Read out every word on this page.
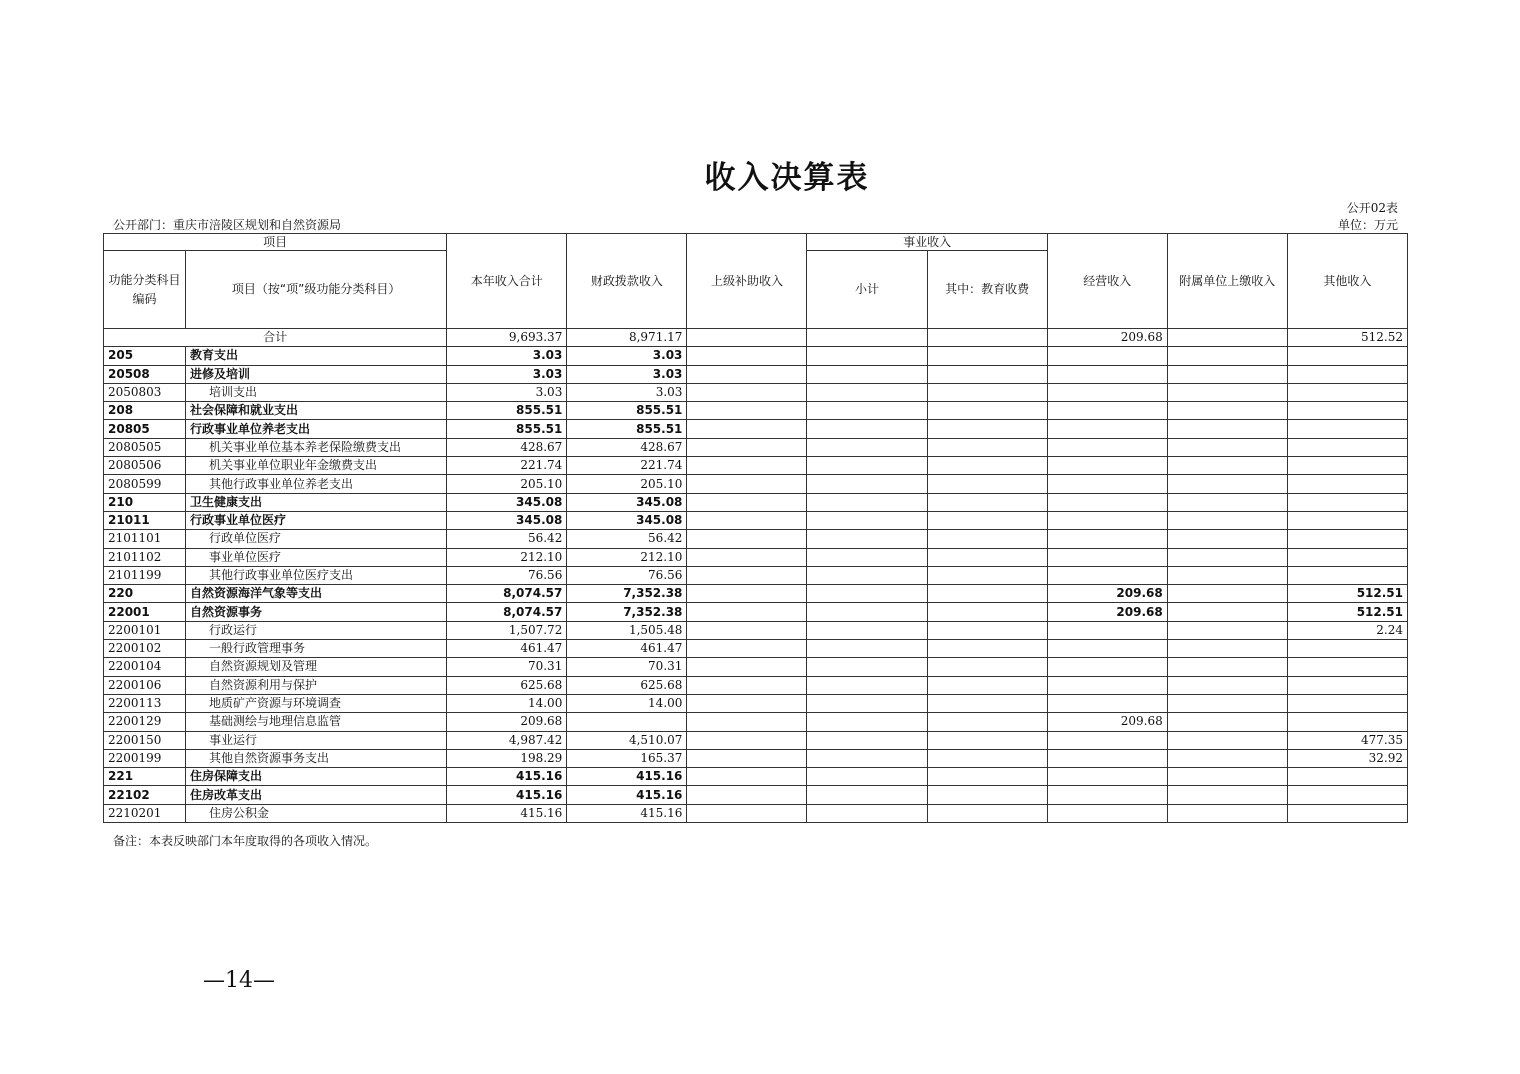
收入决算表
公开02表
公开部门：重庆市涪陵区规划和自然资源局	单位：万元
项目		本年收入合计	财政拨款收入	上级补助收入	事业收入		经营收入	附属单位上缴收入	其他收入
功能分类科目编码	项目（按“项”级功能分类科目）				小计	其中：教育收费			
合计		9,693.37	8,971.17				209.68		512.52
205	教育支出	3.03	3.03						
20508	进修及培训	3.03	3.03						
2050803	培训支出	3.03	3.03						
208	社会保障和就业支出	855.51	855.51						
20805	行政事业单位养老支出	855.51	855.51						
2080505	机关事业单位基本养老保险缴费支出	428.67	428.67						
2080506	机关事业单位职业年金缴费支出	221.74	221.74						
2080599	其他行政事业单位养老支出	205.10	205.10						
210	卫生健康支出	345.08	345.08						
21011	行政事业单位医疗	345.08	345.08						
2101101	行政单位医疗	56.42	56.42						
2101102	事业单位医疗	212.10	212.10						
2101199	其他行政事业单位医疗支出	76.56	76.56						
220	自然资源海洋气象等支出	8,074.57	7,352.38				209.68		512.51
22001	自然资源事务	8,074.57	7,352.38				209.68		512.51
2200101	行政运行	1,507.72	1,505.48						2.24
2200102	一般行政管理事务	461.47	461.47						
2200104	自然资源规划及管理	70.31	70.31						
2200106	自然资源利用与保护	625.68	625.68						
2200113	地质矿产资源与环境调查	14.00	14.00						
2200129	基础测绘与地理信息监管	209.68					209.68		
2200150	事业运行	4,987.42	4,510.07						477.35
2200199	其他自然资源事务支出	198.29	165.37						32.92
221	住房保障支出	415.16	415.16						
22102	住房改革支出	415.16	415.16						
2210201	住房公积金	415.16	415.16						
备注：本表反映部门本年度取得的各项收入情况。
—14—
